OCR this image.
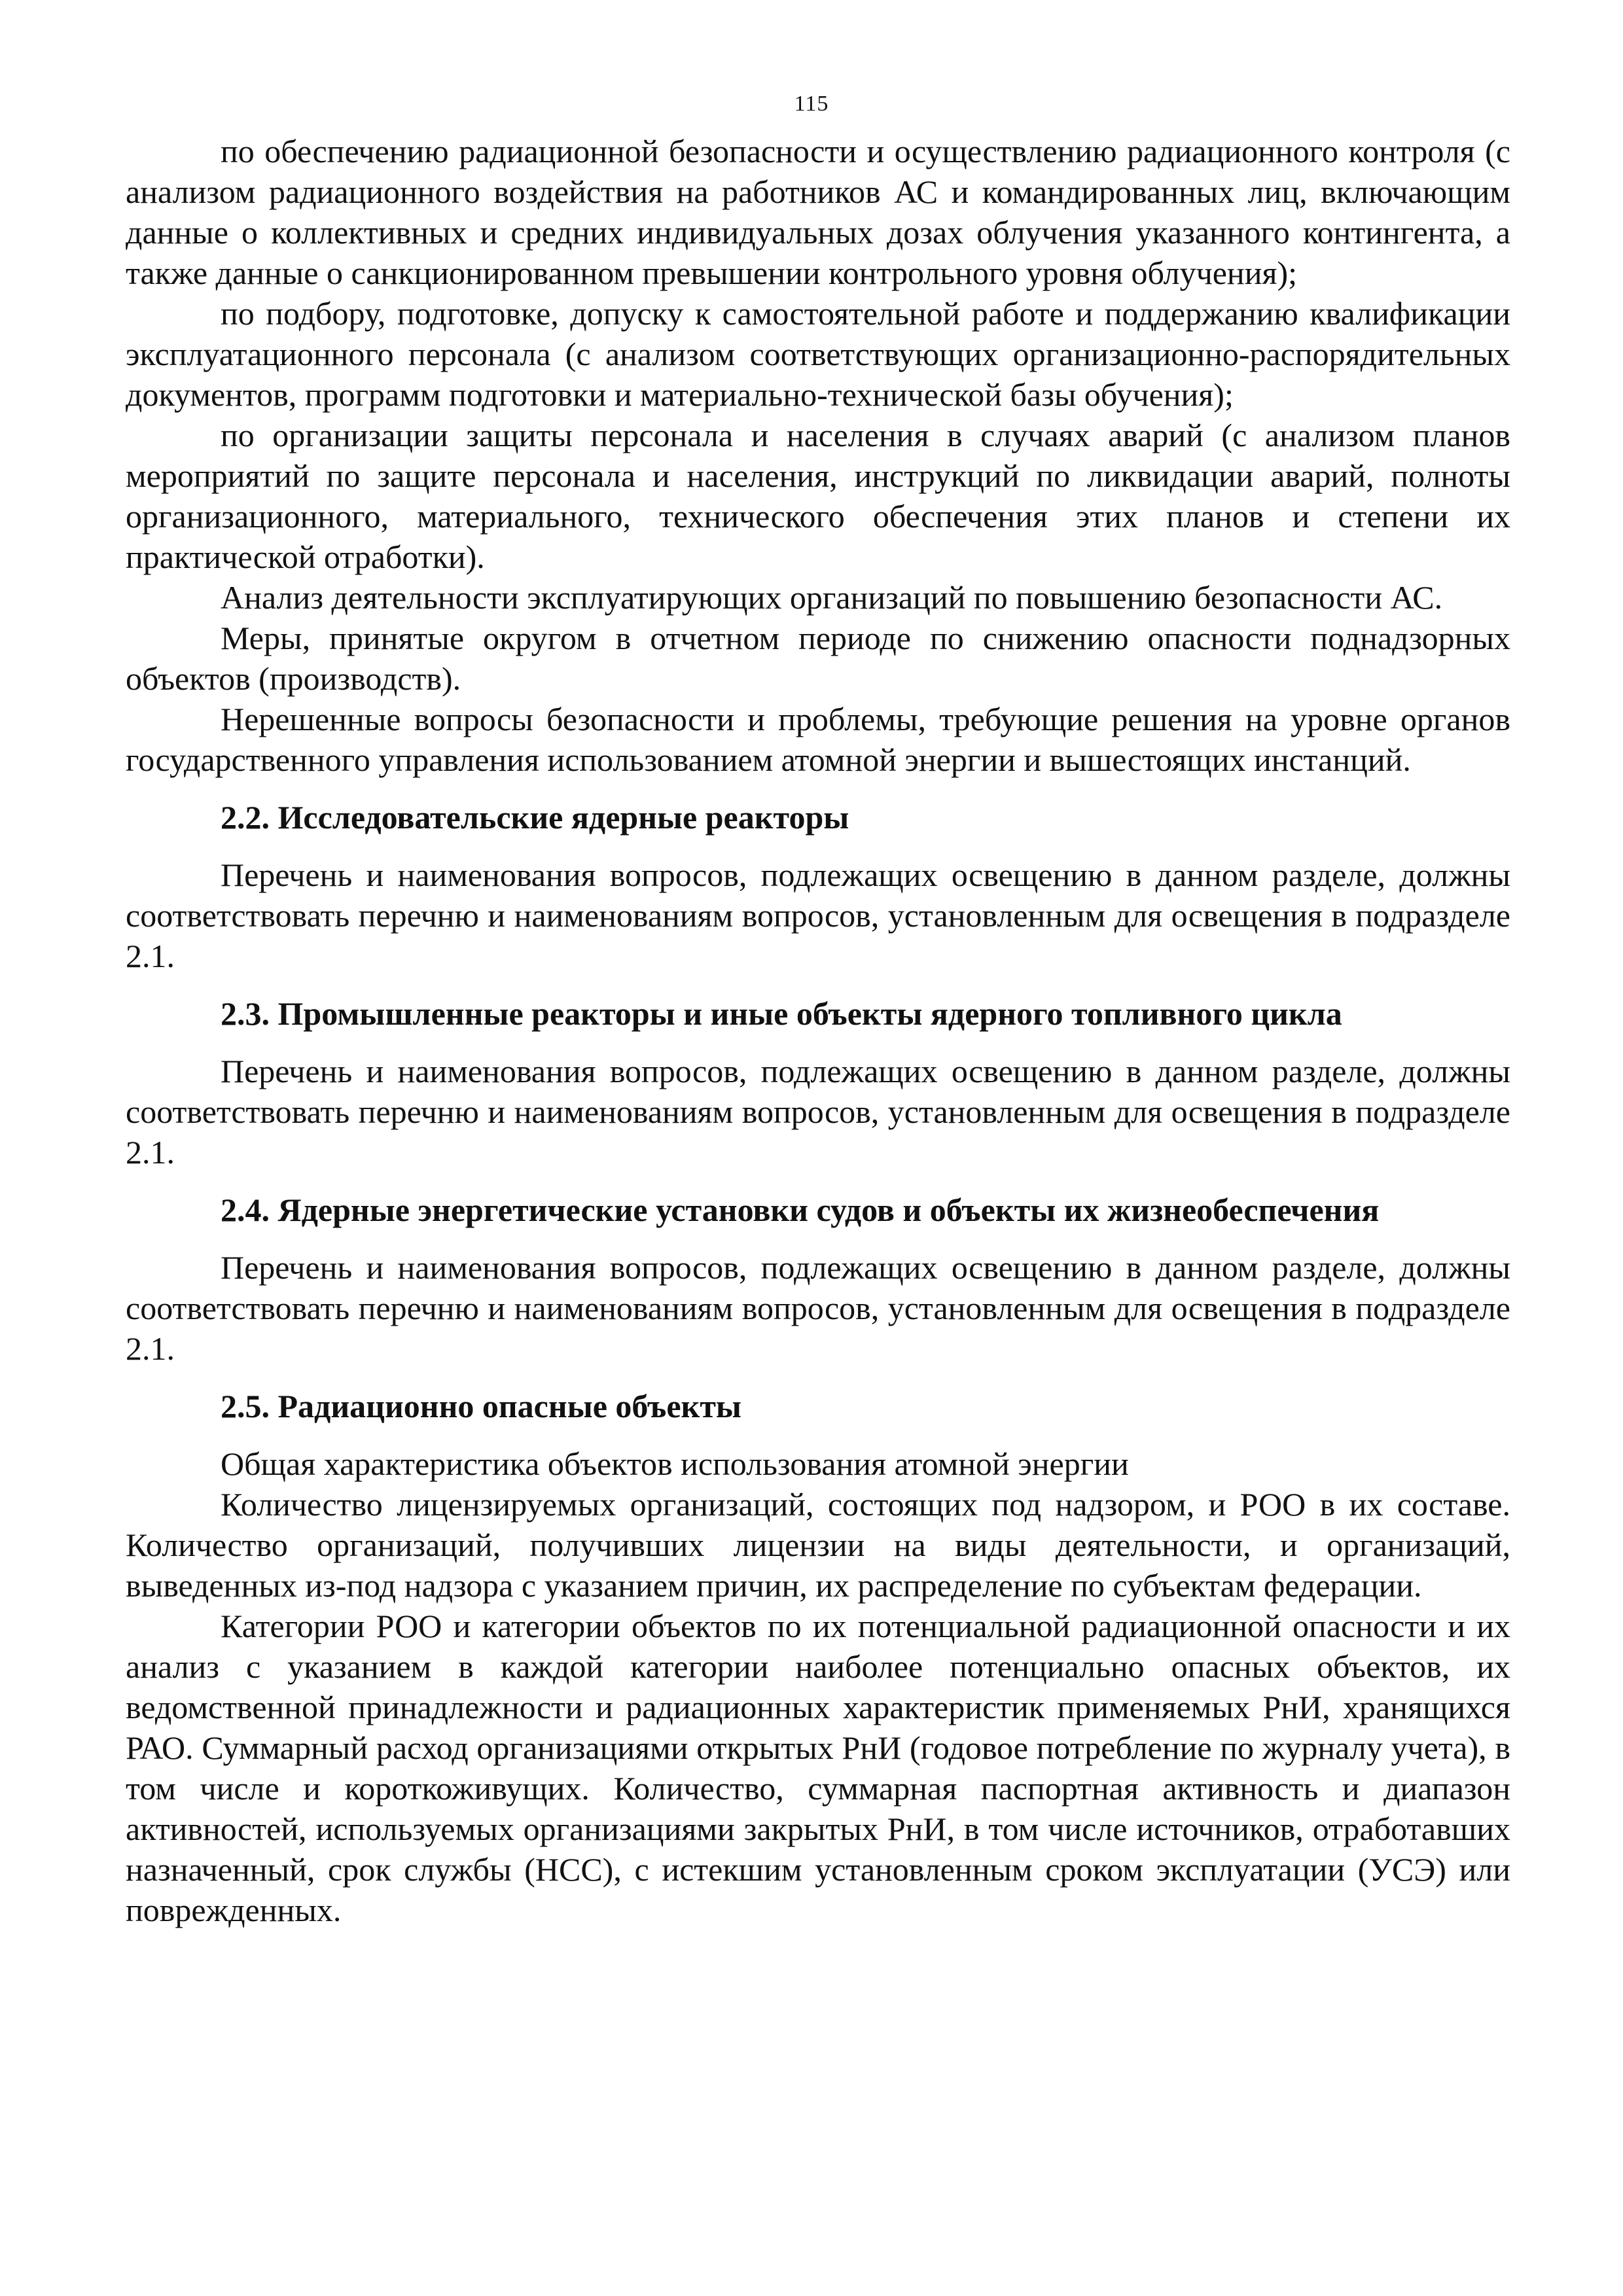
115

по обеспечению радиационной безопасности и осуществлению радиационного контроля (с анализом радиационного воздействия на работников АС и командированных лиц, включающим данные о коллективных и средних индивидуальных дозах облучения указанного контингента, а также данные о санкционированном превышении контрольного уровня облучения);

по подбору, подготовке, допуску к самостоятельной работе и поддержанию квалификации эксплуатационного персонала (с анализом соответствующих организационно-распорядительных документов, программ подготовки и материально-технической базы обучения);

по организации защиты персонала и населения в случаях аварий (с анализом планов мероприятий по защите персонала и населения, инструкций по ликвидации аварий, полноты организационного, материального, технического обеспечения этих планов и степени их практической отработки).

Анализ деятельности эксплуатирующих организаций по повышению безопасности АС.

Меры, принятые округом в отчетном периоде по снижению опасности поднадзорных объектов (производств).

Нерешенные вопросы безопасности и проблемы, требующие решения на уровне органов государственного управления использованием атомной энергии и вышестоящих инстанций.

2.2. Исследовательские ядерные реакторы

Перечень и наименования вопросов, подлежащих освещению в данном разделе, должны соответствовать перечню и наименованиям вопросов, установленным для освещения в подразделе 2.1.

2.3. Промышленные реакторы и иные объекты ядерного топливного цикла

Перечень и наименования вопросов, подлежащих освещению в данном разделе, должны соответствовать перечню и наименованиям вопросов, установленным для освещения в подразделе 2.1.

2.4. Ядерные энергетические установки судов и объекты их жизнеобеспечения

Перечень и наименования вопросов, подлежащих освещению в данном разделе, должны соответствовать перечню и наименованиям вопросов, установленным для освещения в подразделе 2.1.

2.5. Радиационно опасные объекты

Общая характеристика объектов использования атомной энергии

Количество лицензируемых организаций, состоящих под надзором, и РОО в их составе. Количество организаций, получивших лицензии на виды деятельности, и организаций, выведенных из-под надзора с указанием причин, их распределение по субъектам федерации.

Категории РОО и категории объектов по их потенциальной радиационной опасности и их анализ с указанием в каждой категории наиболее потенциально опасных объектов, их ведомственной принадлежности и радиационных характеристик применяемых РнИ, хранящихся РАО. Суммарный расход организациями открытых РнИ (годовое потребление по журналу учета), в том числе и короткоживущих. Количество, суммарная паспортная активность и диапазон активностей, используемых организациями закрытых РнИ, в том числе источников, отработавших назначенный, срок службы (НСС), с истекшим установленным сроком эксплуатации (УСЭ) или поврежденных.
